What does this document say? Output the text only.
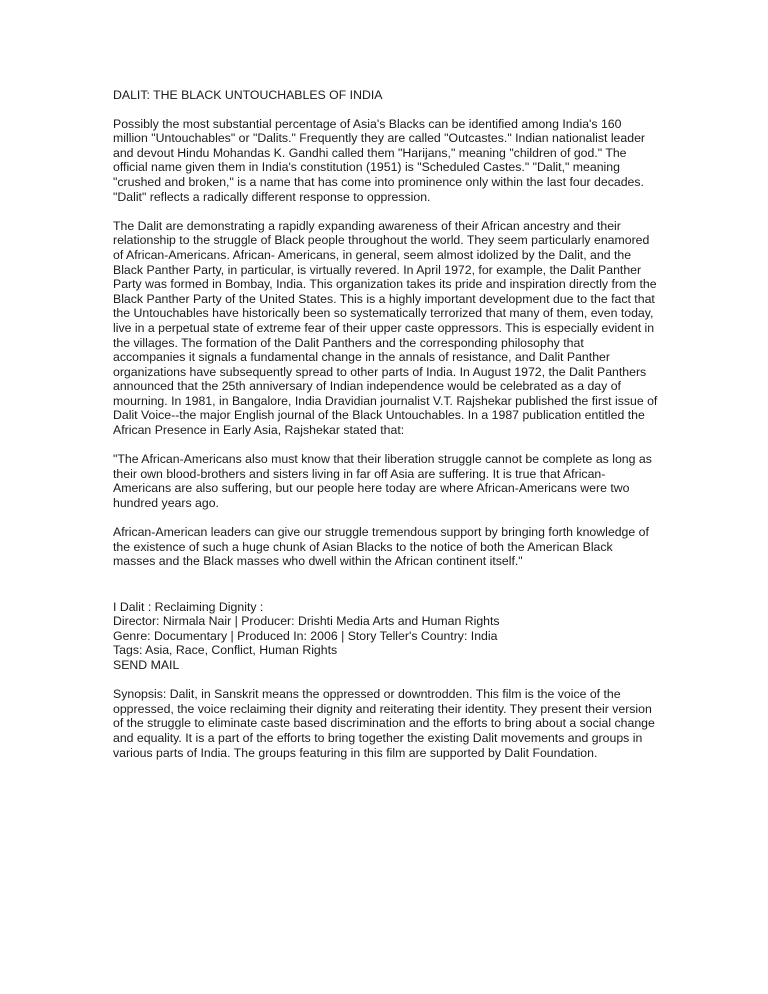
DALIT: THE BLACK UNTOUCHABLES OF INDIA

Possibly the most substantial percentage of Asia's Blacks can be identified among India's 160 million "Untouchables" or "Dalits." Frequently they are called "Outcastes." Indian nationalist leader and devout Hindu Mohandas K. Gandhi called them "Harijans," meaning "children of god." The official name given them in India's constitution (1951) is "Scheduled Castes." "Dalit," meaning "crushed and broken," is a name that has come into prominence only within the last four decades. "Dalit" reflects a radically different response to oppression.

The Dalit are demonstrating a rapidly expanding awareness of their African ancestry and their relationship to the struggle of Black people throughout the world. They seem particularly enamored of African-Americans. African- Americans, in general, seem almost idolized by the Dalit, and the Black Panther Party, in particular, is virtually revered. In April 1972, for example, the Dalit Panther Party was formed in Bombay, India. This organization takes its pride and inspiration directly from the Black Panther Party of the United States. This is a highly important development due to the fact that the Untouchables have historically been so systematically terrorized that many of them, even today, live in a perpetual state of extreme fear of their upper caste oppressors. This is especially evident in the villages. The formation of the Dalit Panthers and the corresponding philosophy that accompanies it signals a fundamental change in the annals of resistance, and Dalit Panther organizations have subsequently spread to other parts of India. In August 1972, the Dalit Panthers announced that the 25th anniversary of Indian independence would be celebrated as a day of mourning. In 1981, in Bangalore, India Dravidian journalist V.T. Rajshekar published the first issue of Dalit Voice--the major English journal of the Black Untouchables. In a 1987 publication entitled the African Presence in Early Asia, Rajshekar stated that:

"The African-Americans also must know that their liberation struggle cannot be complete as long as their own blood-brothers and sisters living in far off Asia are suffering. It is true that African-Americans are also suffering, but our people here today are where African-Americans were two hundred years ago.

African-American leaders can give our struggle tremendous support by bringing forth knowledge of the existence of such a huge chunk of Asian Blacks to the notice of both the American Black masses and the Black masses who dwell within the African continent itself."

I Dalit : Reclaiming Dignity :
Director: Nirmala Nair | Producer: Drishti Media Arts and Human Rights
Genre: Documentary | Produced In: 2006 | Story Teller's Country: India
Tags: Asia, Race, Conflict, Human Rights
SEND MAIL

Synopsis: Dalit, in Sanskrit means the oppressed or downtrodden. This film is the voice of the oppressed, the voice reclaiming their dignity and reiterating their identity. They present their version of the struggle to eliminate caste based discrimination and the efforts to bring about a social change and equality. It is a part of the efforts to bring together the existing Dalit movements and groups in various parts of India. The groups featuring in this film are supported by Dalit Foundation.
